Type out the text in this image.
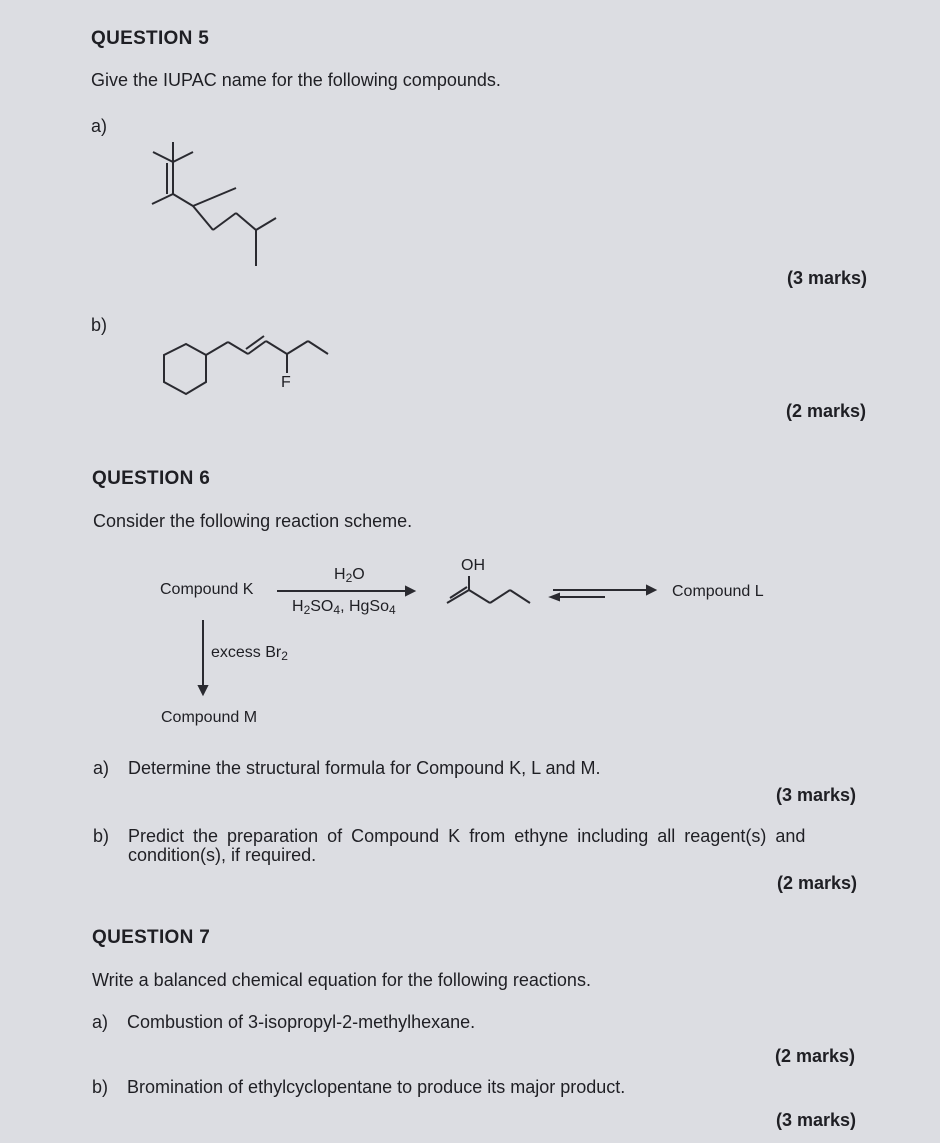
QUESTION 5
Give the IUPAC name for the following compounds.
a)
(3 marks)
b)
F
(2 marks)
QUESTION 6
Consider the following reaction scheme.
Compound K
$H_2O$
$H_2SO_4$, HgSo$_4$
OH
Compound L
excess $Br_2$
Compound M
a) Determine the structural formula for Compound K, L and M.
(3 marks)
b) Predict the preparation of Compound K from ethyne including all reagent(s) and
condition(s), if required.
(2 marks)
QUESTION 7
Write a balanced chemical equation for the following reactions.
a) Combustion of 3-isopropyl-2-methylhexane.
(2 marks)
b) Bromination of ethylcyclopentane to produce its major product.
(3 marks)
